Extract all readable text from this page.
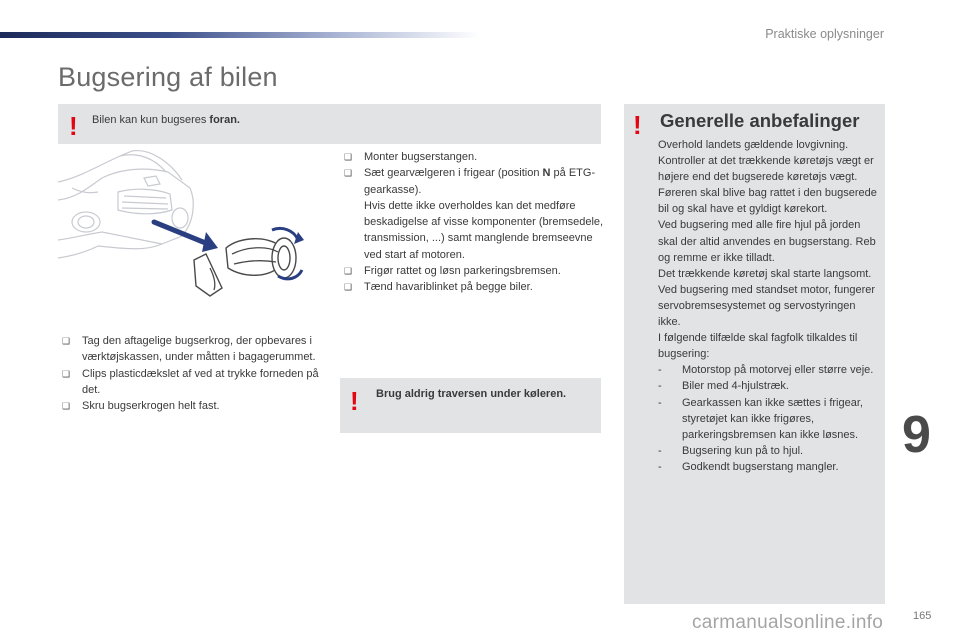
Praktiske oplysninger
Bugsering af bilen
! Bilen kan kun bugseres foran.
❑ Tag den aftagelige bugserkrog, der opbevares i værktøjskassen, under måtten i bagagerummet.
❑ Clips plasticdækslet af ved at trykke forneden på det.
❑ Skru bugserkrogen helt fast.
❑ Monter bugserstangen.
❑ Sæt gearvælgeren i frigear (position N på ETG-gearkasse).
Hvis dette ikke overholdes kan det medføre beskadigelse af visse komponenter (bremsedele, transmission, ...) samt manglende bremseevne ved start af motoren.
❑ Frigør rattet og løsn parkeringsbremsen.
❑ Tænd havariblinket på begge biler.
! Brug aldrig traversen under køleren.
! Generelle anbefalinger

Overhold landets gældende lovgivning.

Kontroller at det trækkende køretøjs vægt er højere end det bugserede køretøjs vægt.

Føreren skal blive bag rattet i den bugserede bil og skal have et gyldigt kørekort.

Ved bugsering med alle fire hjul på jorden skal der altid anvendes en bugserstang. Reb og remme er ikke tilladt.

Det trækkende køretøj skal starte langsomt.

Ved bugsering med standset motor, fungerer servobremsesystemet og servostyringen ikke.

I følgende tilfælde skal fagfolk tilkaldes til bugsering:

- Motorstop på motorvej eller større veje.
- Biler med 4-hjulstræk.
- Gearkassen kan ikke sættes i frigear, styretøjet kan ikke frigøres, parkeringsbremsen kan ikke løsnes.
- Bugsering kun på to hjul.
- Godkendt bugserstang mangler.
9
165
carmanualsonline.info
